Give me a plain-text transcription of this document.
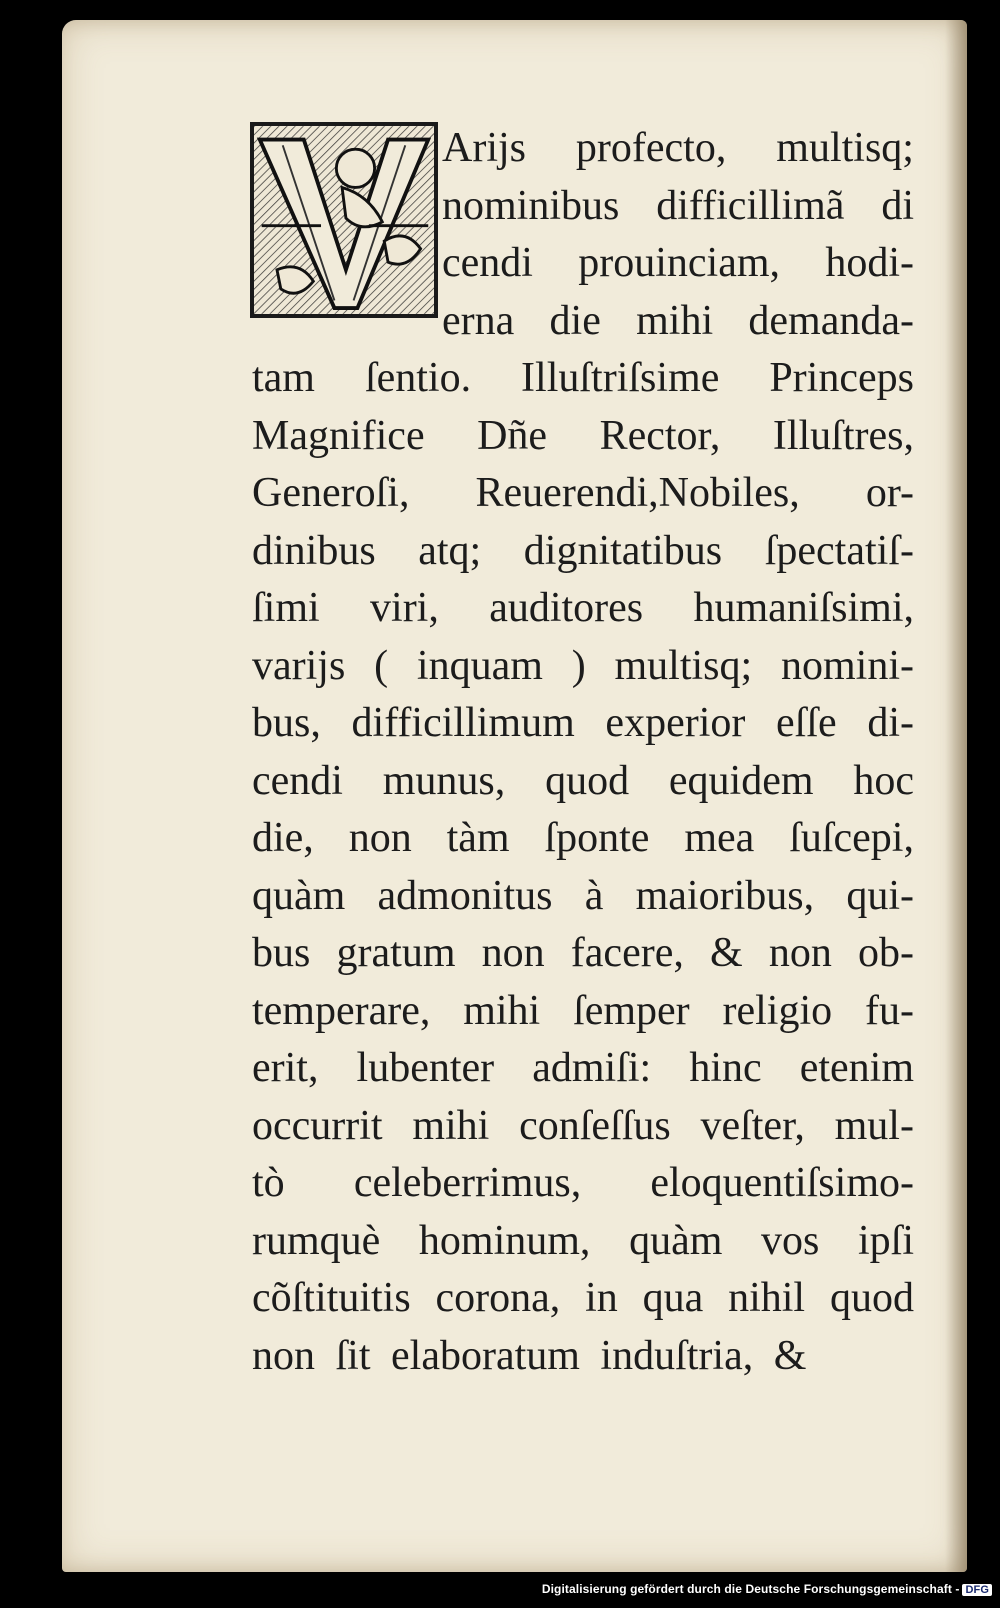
Arijs profecto, multisq;
nominibus difficillimã di
cendi prouinciam, hodi-
erna die mihi demanda-
tam ſentio. Illuſtriſsime Princeps
Magnifice Dñe Rector, Illuſtres,
Generoſi, Reuerendi,Nobiles, or-
dinibus atq; dignitatibus ſpectatiſ-
ſimi viri, auditores humaniſsimi,
varijs ( inquam ) multisq; nomini-
bus, difficillimum experior eſſe di-
cendi munus, quod equidem hoc
die, non tàm ſponte mea ſuſcepi,
quàm admonitus à maioribus, qui-
bus gratum non facere, & non ob-
temperare, mihi ſemper religio fu-
erit, lubenter admiſi: hinc etenim
occurrit mihi conſeſſus veſter, mul-
tò celeberrimus, eloquentiſsimo-
rumquè hominum, quàm vos ipſi
cõſtituitis corona, in qua nihil quod
non ſit elaboratum induſtria, &
Digitalisierung gefördert durch die Deutsche Forschungsgemeinschaft - DFG
